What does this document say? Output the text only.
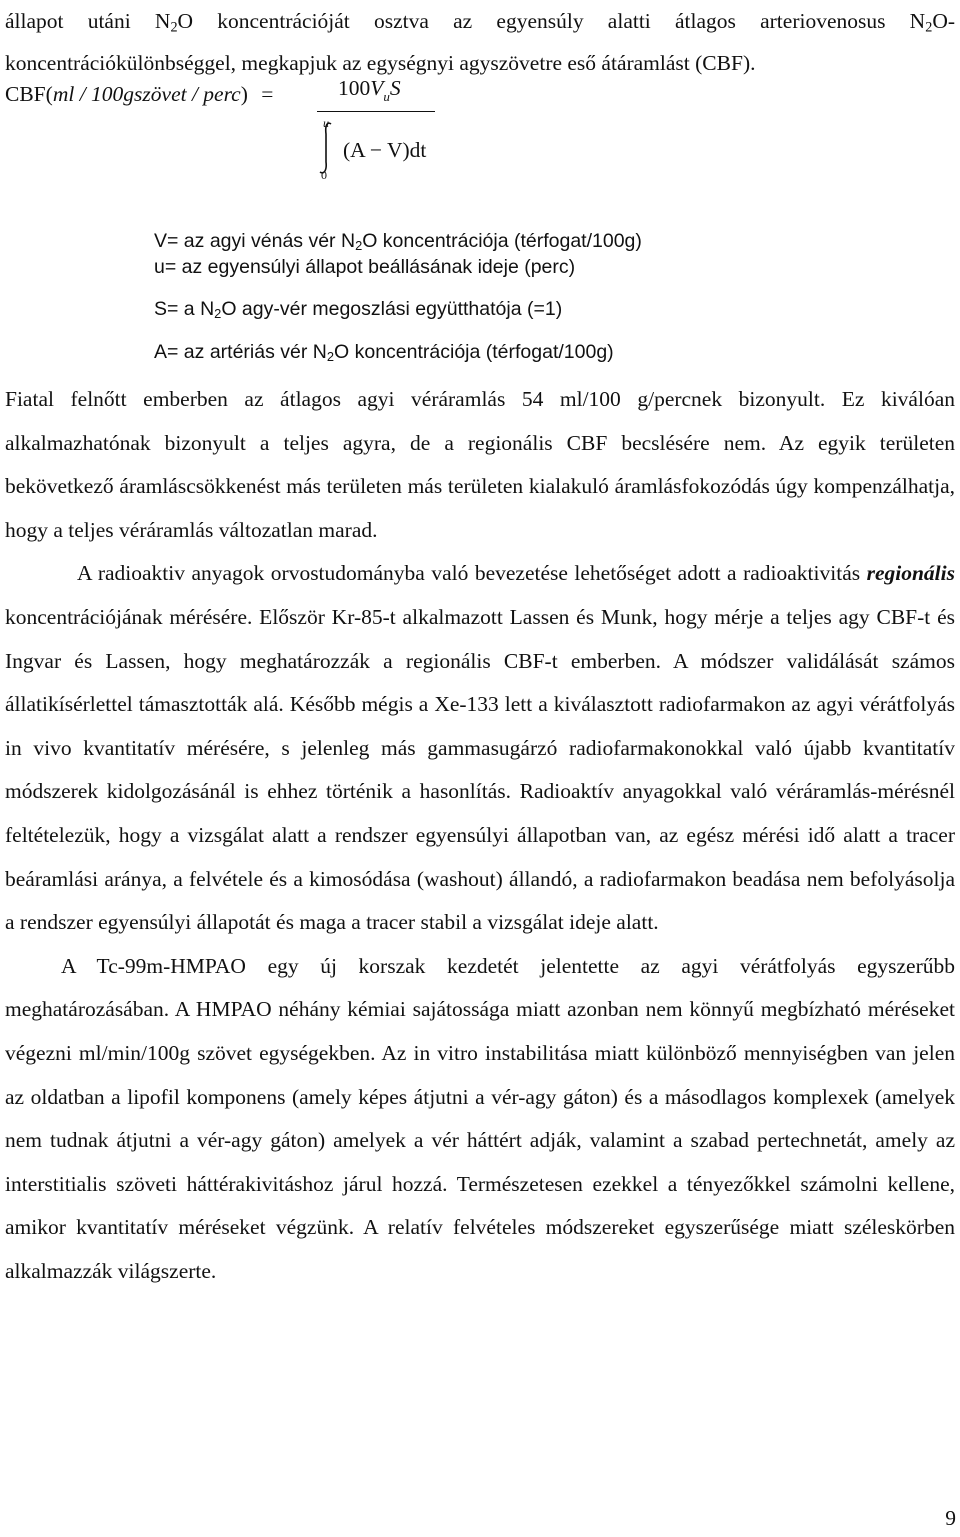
állapot utáni $N_2O$ koncentrációját osztva az egyensúly alatti átlagos arteriovenosus $N_2O-$
koncentrációkülönbséggel, megkapjuk az egységnyi agyszövetre eső átáramlást (CBF).
CBF(ml / 100gszövet / perc) =	$100V_uS$
u
0
(A − V)dt
V= az agyi vénás vér $N_2O$ koncentrációja (térfogat/100g)
u= az egyensúlyi állapot beállásának ideje (perc)
S= a $N_2O$ agy-vér megoszlási együtthatója (=1)
A= az artériás vér $N_2O$ koncentrációja (térfogat/100g)

Fiatal felnőtt emberben az átlagos agyi véráramlás 54 ml/100 g/percnek bizonyult. Ez kiválóan alkalmazhatónak bizonyult a teljes agyra, de a regionális CBF becslésére nem. Az egyik területen bekövetkező áramláscsökkenést más területen más területen kialakuló áramlásfokozódás úgy kompenzálhatja, hogy a teljes véráramlás változatlan marad.

A radioaktiv anyagok orvostudományba való bevezetése lehetőséget adott a radioaktivitás regionális koncentrációjának mérésére. Először Kr-85-t alkalmazott Lassen és Munk, hogy mérje a teljes agy CBF-t és Ingvar és Lassen, hogy meghatározzák a regionális CBF-t emberben. A módszer validálását számos állatikísérlettel támasztották alá. Később mégis a Xe-133 lett a kiválasztott radiofarmakon az agyi vérátfolyás in vivo kvantitatív mérésére, s jelenleg más gammasugárzó radiofarmakonokkal való újabb kvantitatív módszerek kidolgozásánál is ehhez történik a hasonlítás. Radioaktív anyagokkal való véráramlás-mérésnél feltételezük, hogy a vizsgálat alatt a rendszer egyensúlyi állapotban van, az egész mérési idő alatt a tracer beáramlási aránya, a felvétele és a kimosódása (washout) állandó, a radiofarmakon beadása nem befolyásolja a rendszer egyensúlyi állapotát és maga a tracer stabil a vizsgálat ideje alatt.

A Tc-99m-HMPAO egy új korszak kezdetét jelentette az agyi vérátfolyás egyszerűbb meghatározásában. A HMPAO néhány kémiai sajátossága miatt azonban nem könnyű megbízható méréseket végezni ml/min/100g szövet egységekben. Az in vitro instabilitása miatt különböző mennyiségben van jelen az oldatban a lipofil komponens (amely képes átjutni a vér-agy gáton) és a másodlagos komplexek (amelyek nem tudnak átjutni a vér-agy gáton) amelyek a vér háttért adják, valamint a szabad pertechnetát, amely az interstitialis szöveti háttérakivitáshoz járul hozzá. Természetesen ezekkel a tényezőkkel számolni kellene, amikor kvantitatív méréseket végzünk. A relatív felvételes módszereket egyszerűsége miatt széleskörben alkalmazzák világszerte.

9
